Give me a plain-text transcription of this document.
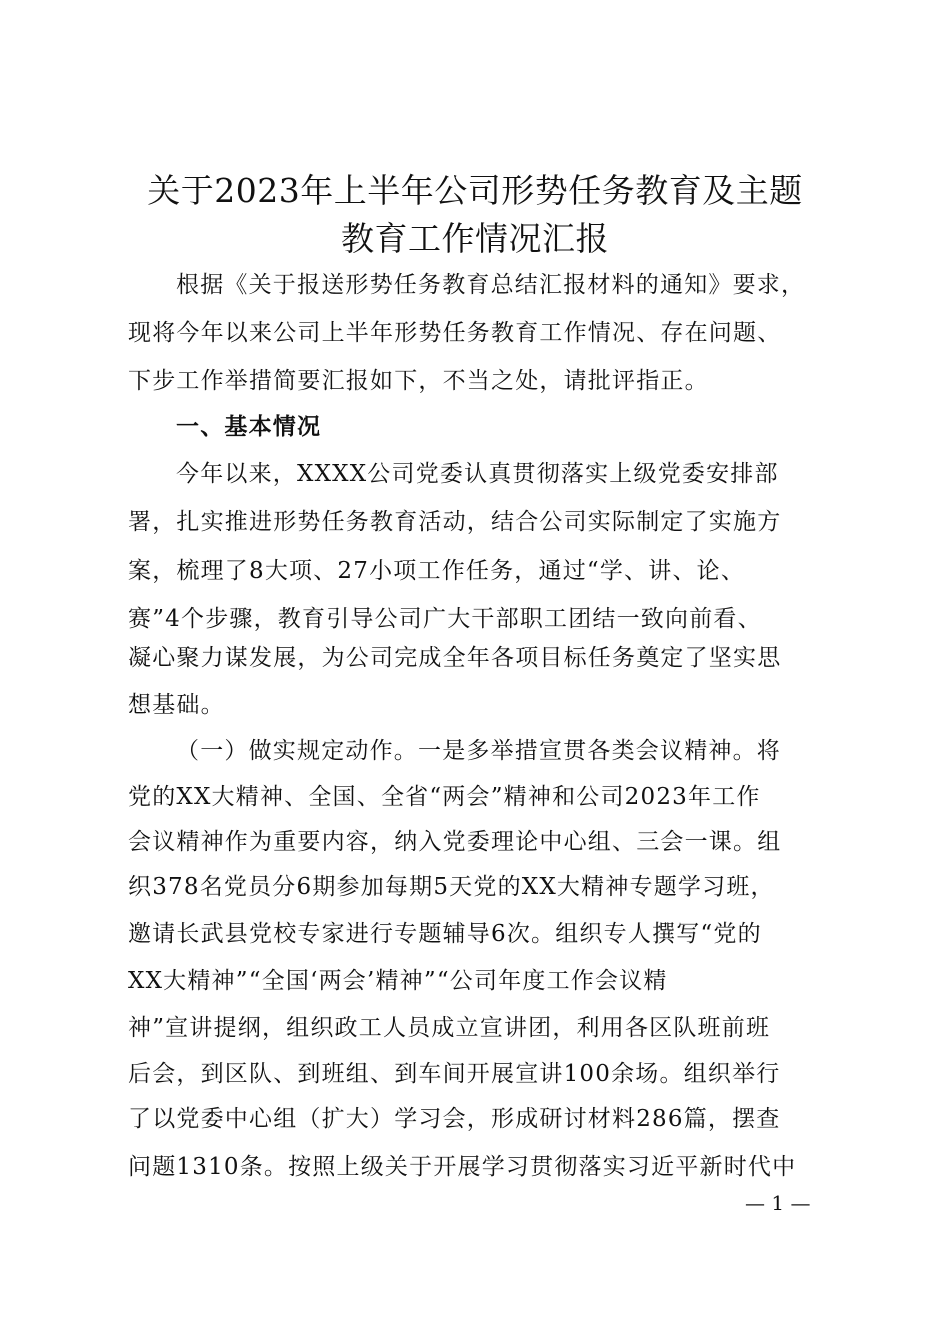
关于2023年上半年公司形势任务教育及主题
教育工作情况汇报
根据《关于报送形势任务教育总结汇报材料的通知》要求，
现将今年以来公司上半年形势任务教育工作情况、存在问题、
下步工作举措简要汇报如下，不当之处，请批评指正。
一、基本情况
今年以来，XXXX公司党委认真贯彻落实上级党委安排部
署，扎实推进形势任务教育活动，结合公司实际制定了实施方
案，梳理了8大项、27小项工作任务，通过“学、讲、论、
赛”4个步骤，教育引导公司广大干部职工团结一致向前看、
凝心聚力谋发展，为公司完成全年各项目标任务奠定了坚实思
想基础。
（一）做实规定动作。一是多举措宣贯各类会议精神。将
党的XX大精神、全国、全省“两会”精神和公司2023年工作
会议精神作为重要内容，纳入党委理论中心组、三会一课。组
织378名党员分6期参加每期5天党的XX大精神专题学习班，
邀请长武县党校专家进行专题辅导6次。组织专人撰写“党的
XX大精神”“全国‘两会’精神”“公司年度工作会议精
神”宣讲提纲，组织政工人员成立宣讲团，利用各区队班前班
后会，到区队、到班组、到车间开展宣讲100余场。组织举行
了以党委中心组（扩大）学习会，形成研讨材料286篇，摆查
问题1310条。按照上级关于开展学习贯彻落实习近平新时代中
— 1 —
